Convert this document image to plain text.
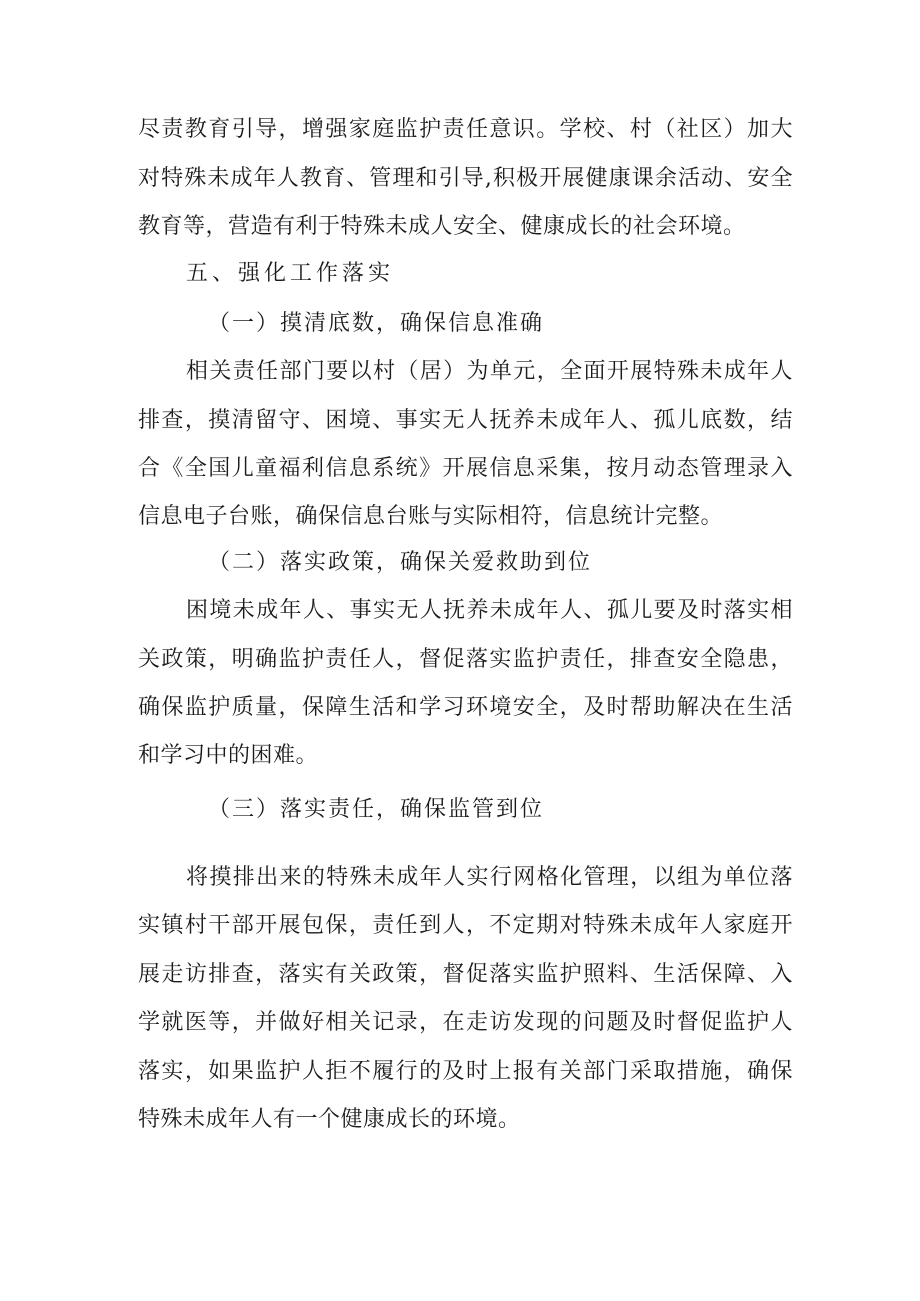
尽责教育引导，增强家庭监护责任意识。学校、村（社区）加大

对特殊未成年人教育、管理和引导,积极开展健康课余活动、安全

教育等，营造有利于特殊未成人安全、健康成长的社会环境。

五、强化工作落实
（一）摸清底数，确保信息准确

相关责任部门要以村（居）为单元，全面开展特殊未成年人

排查，摸清留守、困境、事实无人抚养未成年人、孤儿底数，结

合《全国儿童福利信息系统》开展信息采集，按月动态管理录入

信息电子台账，确保信息台账与实际相符，信息统计完整。

（二）落实政策，确保关爱救助到位

困境未成年人、事实无人抚养未成年人、孤儿要及时落实相

关政策，明确监护责任人，督促落实监护责任，排查安全隐患，

确保监护质量，保障生活和学习环境安全，及时帮助解决在生活

和学习中的困难。

（三）落实责任，确保监管到位

将摸排出来的特殊未成年人实行网格化管理，以组为单位落

实镇村干部开展包保，责任到人，不定期对特殊未成年人家庭开

展走访排查，落实有关政策，督促落实监护照料、生活保障、入

学就医等，并做好相关记录，在走访发现的问题及时督促监护人

落实，如果监护人拒不履行的及时上报有关部门采取措施，确保

特殊未成年人有一个健康成长的环境。
